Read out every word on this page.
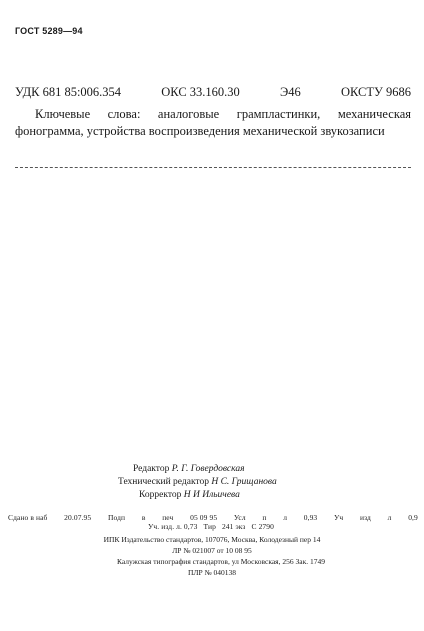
ГОСТ 5289—94
УДК 681 85:006.354	ОКС 33.160.30	Э46	ОКСТУ 9686
Ключевые слова: аналоговые грампластинки, механическая фонограмма, устройства воспроизведения механической звукозаписи
Редактор Р. Г. Говердовская
Технический редактор Н С. Грищанова
Корректор Н И Ильичева
Сдано в наб 20.07.95 Подп в печ 05 09 95 Усл п л 0,93 Уч изд л 0,9
Уч. изд. л. 0,73 Тир 241 экз С 2790
ИПК Издательство стандартов, 107076, Москва, Колодезный пер 14
ЛР № 021007 от 10 08 95
Калужская типография стандартов, ул Московская, 256 Зак. 1749
ПЛР № 040138
